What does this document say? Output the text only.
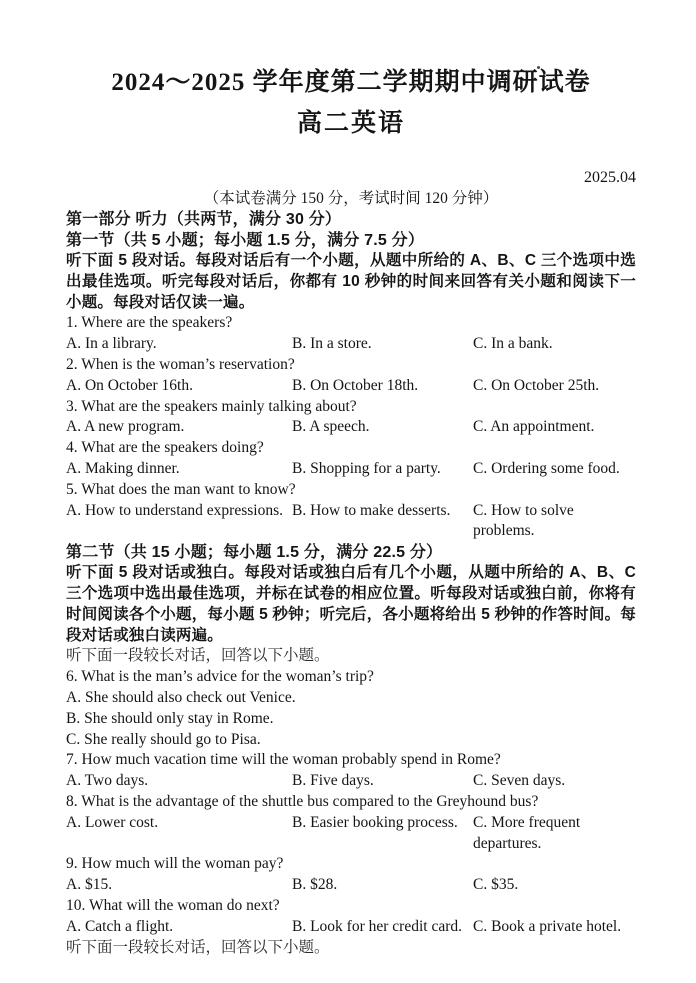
2024～2025 学年度第二学期期中调研试卷
高二英语
2025.04
（本试卷满分 150 分，考试时间 120 分钟）
第一部分 听力（共两节，满分 30 分）
第一节（共 5 小题；每小题 1.5 分，满分 7.5 分）
听下面 5 段对话。每段对话后有一个小题，从题中所给的 A、B、C 三个选项中选出最佳选项。听完每段对话后，你都有 10 秒钟的时间来回答有关小题和阅读下一小题。每段对话仅读一遍。
1. Where are the speakers?
A. In a library.	B. In a store.	C. In a bank.
2. When is the woman’s reservation?
A. On October 16th.	B. On October 18th.	C. On October 25th.
3. What are the speakers mainly talking about?
A. A new program.	B. A speech.	C. An appointment.
4. What are the speakers doing?
A. Making dinner.	B. Shopping for a party.	C. Ordering some food.
5. What does the man want to know?
A. How to understand expressions. B. How to make desserts.	C. How to solve problems.
第二节（共 15 小题；每小题 1.5 分，满分 22.5 分）
听下面 5 段对话或独白。每段对话或独白后有几个小题，从题中所给的 A、B、C 三个选项中选出最佳选项，并标在试卷的相应位置。听每段对话或独白前，你将有时间阅读各个小题，每小题 5 秒钟；听完后，各小题将给出 5 秒钟的作答时间。每段对话或独白读两遍。
听下面一段较长对话，回答以下小题。
6. What is the man’s advice for the woman’s trip?
A. She should also check out Venice.
B. She should only stay in Rome.
C. She really should go to Pisa.
7. How much vacation time will the woman probably spend in Rome?
A. Two days.	B. Five days.	C. Seven days.
8. What is the advantage of the shuttle bus compared to the Greyhound bus?
A. Lower cost.	B. Easier booking process. C. More frequent departures.
9. How much will the woman pay?
A. $15.	B. $28.	C. $35.
10. What will the woman do next?
A. Catch a flight.	B. Look for her credit card. C. Book a private hotel.
听下面一段较长对话，回答以下小题。
